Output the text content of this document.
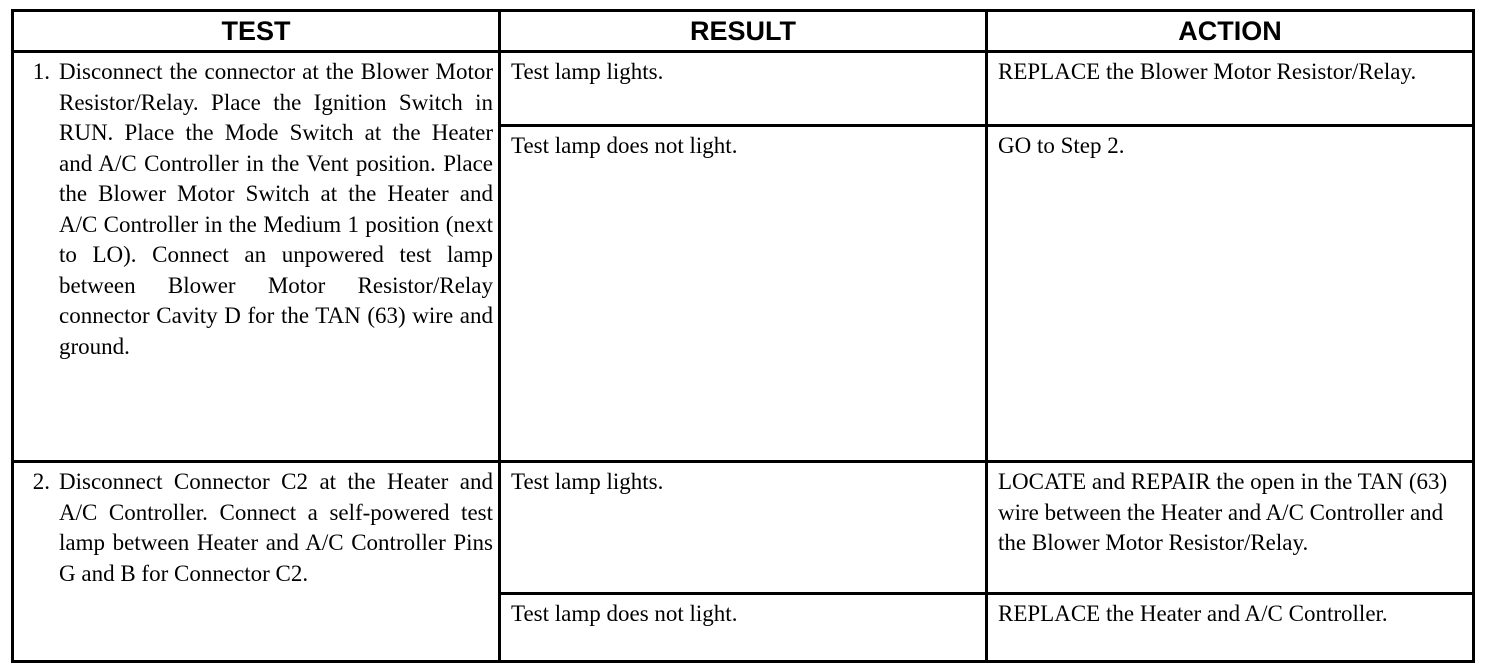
TEST	RESULT	ACTION

1. Disconnect the connector at the Blower Motor Resistor/Relay. Place the Ignition Switch in RUN. Place the Mode Switch at the Heater and A/C Controller in the Vent position. Place the Blower Motor Switch at the Heater and A/C Controller in the Medium 1 position (next to LO). Connect an unpowered test lamp between Blower Motor Resistor/Relay connector Cavity D for the TAN (63) wire and ground.	Test lamp lights.	REPLACE the Blower Motor Resistor/Relay.

	Test lamp does not light.	GO to Step 2.

2. Disconnect Connector C2 at the Heater and A/C Controller. Connect a self-powered test lamp between Heater and A/C Controller Pins G and B for Connector C2.	Test lamp lights.	LOCATE and REPAIR the open in the TAN (63) wire between the Heater and A/C Controller and the Blower Motor Resistor/Relay.

	Test lamp does not light.	REPLACE the Heater and A/C Controller.
